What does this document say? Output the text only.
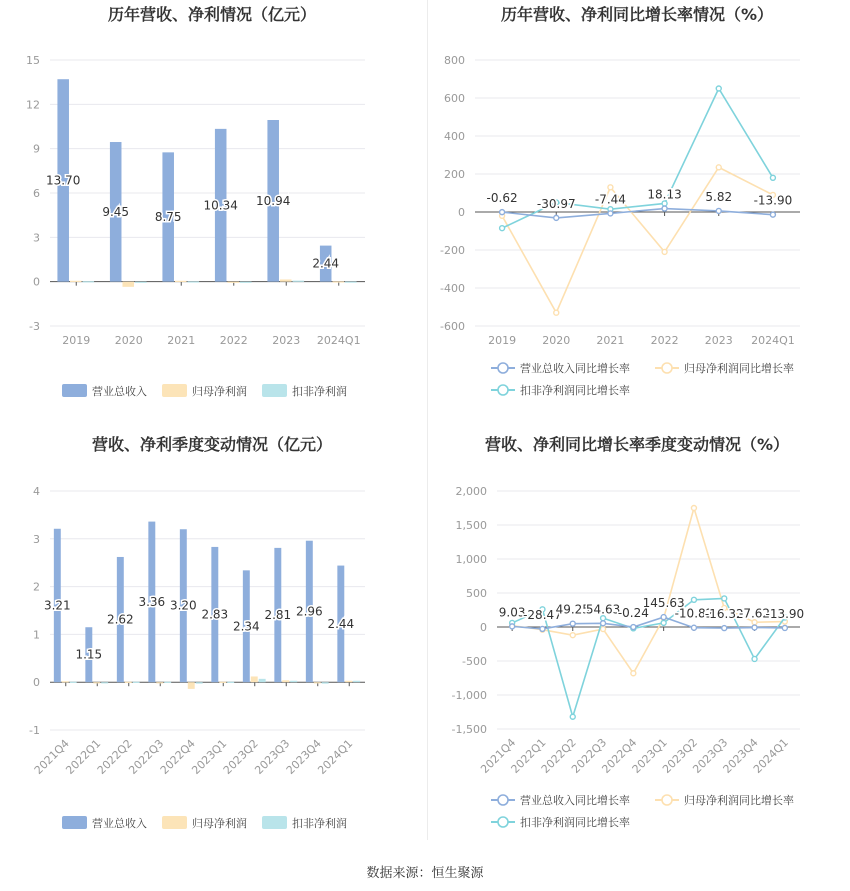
历年营收、净利情况（亿元）
15
12
9
6
3
0
-3
2019 2020 2021 2022 2023 2024Q1
13.70
9.45 8.75
10.34 10.94
2.44
营业总收入	归母净利润	扣非净利润
历年营收、净利同比增长率情况（%）
800
600
400
200
0
-200
-400
-600
2019 2020 2021 2022 2023 2024Q1
-0.62 -30.97 -7.44 18.13 5.82 -13.90
营业总收入同比增长率	归母净利润同比增长率
扣非净利润同比增长率
营收、净利季度变动情况（亿元）
4
3
2
1
0
-1
2021Q4
2022Q1
2022Q2
2022Q3
2022Q4
2023Q1
2023Q2
2023Q3
2023Q4
2024Q1
3.21
1.15
2.62
3.36 3.20
2.83
2.34
2.81 2.96
2.44
营业总收入	归母净利润	扣非净利润
营收、净利同比增长率季度变动情况（%）
2,000
1,500
1,000
500
0
-500
-1,000
-1,500
2021Q4
2022Q1
2022Q2
2022Q3
2022Q4
2023Q1
2023Q2
2023Q3
2023Q4
2024Q1
9.03
-28.47
49.25
54.63
-0.24
145.63
-10.82
-16.32
-7.62
-13.90
营业总收入同比增长率	归母净利润同比增长率
扣非净利润同比增长率
数据来源：恒生聚源
